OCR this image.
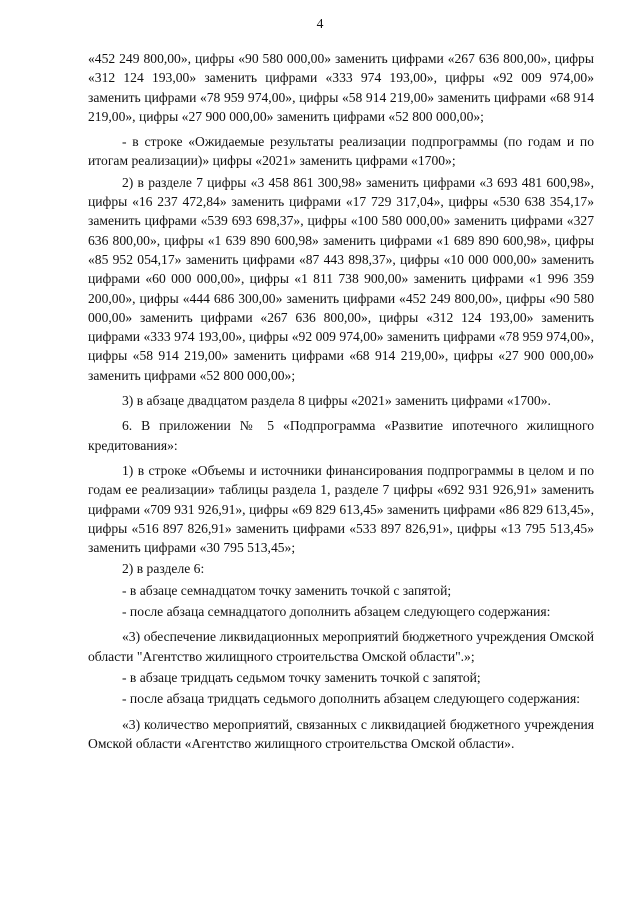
4

«452 249 800,00», цифры «90 580 000,00» заменить цифрами «267 636 800,00», цифры «312 124 193,00» заменить цифрами «333 974 193,00», цифры «92 009 974,00» заменить цифрами «78 959 974,00», цифры «58 914 219,00» заменить цифрами «68 914 219,00», цифры «27 900 000,00» заменить цифрами «52 800 000,00»;

- в строке «Ожидаемые результаты реализации подпрограммы (по годам и по итогам реализации)» цифры «2021» заменить цифрами «1700»;

2) в разделе 7 цифры «3 458 861 300,98» заменить цифрами «3 693 481 600,98», цифры «16 237 472,84» заменить цифрами «17 729 317,04», цифры «530 638 354,17» заменить цифрами «539 693 698,37», цифры «100 580 000,00» заменить цифрами «327 636 800,00», цифры «1 639 890 600,98» заменить цифрами «1 689 890 600,98», цифры «85 952 054,17» заменить цифрами «87 443 898,37», цифры «10 000 000,00» заменить цифрами «60 000 000,00», цифры «1 811 738 900,00» заменить цифрами «1 996 359 200,00», цифры «444 686 300,00» заменить цифрами «452 249 800,00», цифры «90 580 000,00» заменить цифрами «267 636 800,00», цифры «312 124 193,00» заменить цифрами «333 974 193,00», цифры «92 009 974,00» заменить цифрами «78 959 974,00», цифры «58 914 219,00» заменить цифрами «68 914 219,00», цифры «27 900 000,00» заменить цифрами «52 800 000,00»;

3) в абзаце двадцатом раздела 8 цифры «2021» заменить цифрами «1700».

6. В приложении № 5 «Подпрограмма «Развитие ипотечного жилищного кредитования»:

1) в строке «Объемы и источники финансирования подпрограммы в целом и по годам ее реализации» таблицы раздела 1, разделе 7 цифры «692 931 926,91» заменить цифрами «709 931 926,91», цифры «69 829 613,45» заменить цифрами «86 829 613,45», цифры «516 897 826,91» заменить цифрами «533 897 826,91», цифры «13 795 513,45» заменить цифрами «30 795 513,45»;

2) в разделе 6:

- в абзаце семнадцатом точку заменить точкой с запятой;

- после абзаца семнадцатого дополнить абзацем следующего содержания:

«3) обеспечение ликвидационных мероприятий бюджетного учреждения Омской области "Агентство жилищного строительства Омской области".»;

- в абзаце тридцать седьмом точку заменить точкой с запятой;

- после абзаца тридцать седьмого дополнить абзацем следующего содержания:

«3) количество мероприятий, связанных с ликвидацией бюджетного учреждения Омской области «Агентство жилищного строительства Омской области».
